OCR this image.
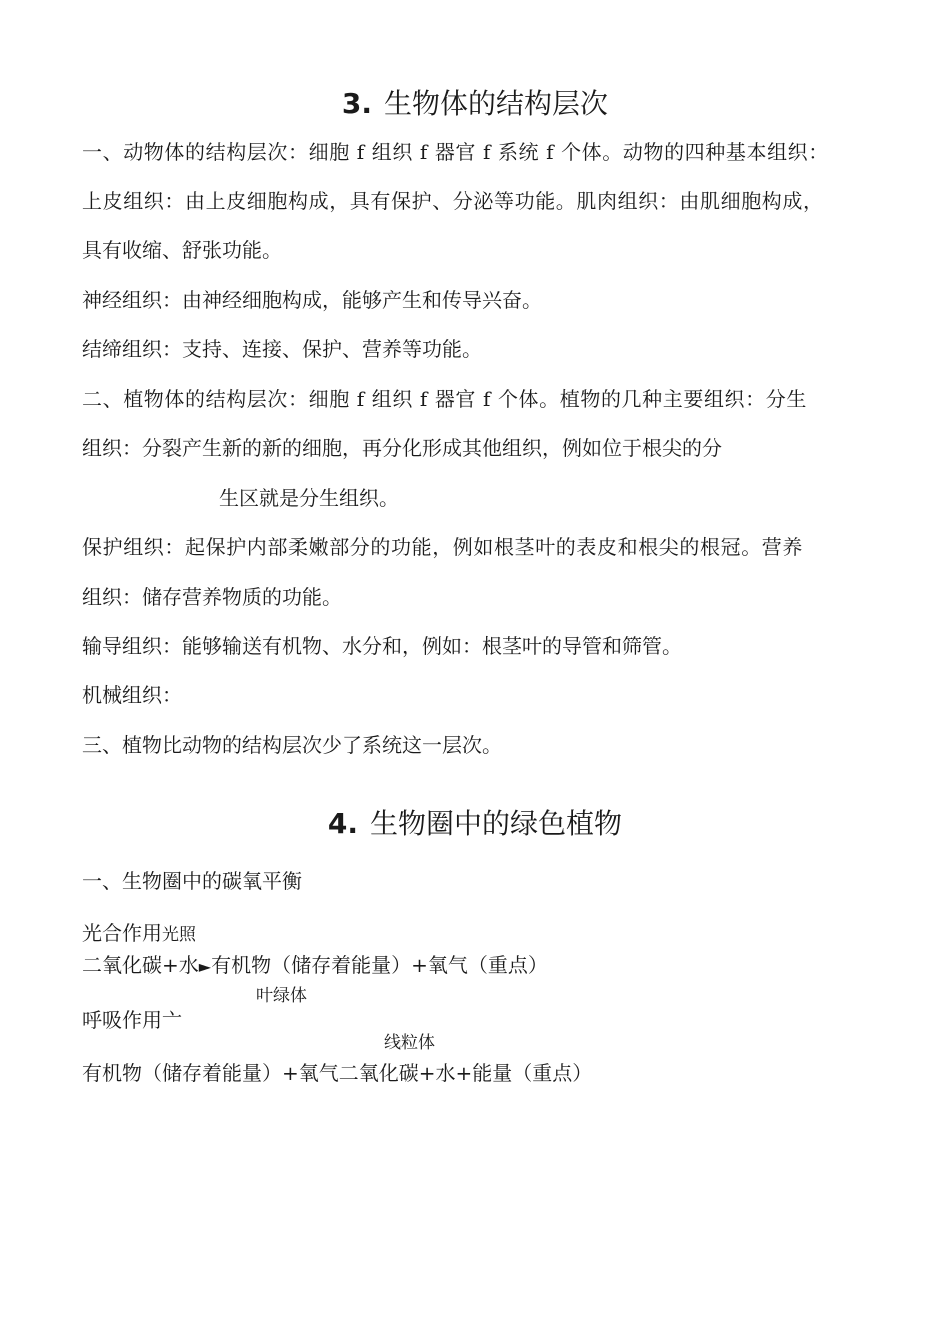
3. 生物体的结构层次
一、动物体的结构层次：细胞 f 组织 f 器官 f 系统 f 个体。动物的四种基本组织：
上皮组织：由上皮细胞构成，具有保护、分泌等功能。肌肉组织：由肌细胞构成，
具有收缩、舒张功能。
神经组织：由神经细胞构成，能够产生和传导兴奋。
结缔组织：支持、连接、保护、营养等功能。
二、植物体的结构层次：细胞 f 组织 f 器官 f 个体。植物的几种主要组织：分生
组织：分裂产生新的新的细胞，再分化形成其他组织，例如位于根尖的分
生区就是分生组织。
保护组织：起保护内部柔嫩部分的功能，例如根茎叶的表皮和根尖的根冠。营养
组织：储存营养物质的功能。
输导组织：能够输送有机物、水分和，例如：根茎叶的导管和筛管。
机械组织：
三、植物比动物的结构层次少了系统这一层次。
4. 生物圈中的绿色植物
一、生物圈中的碳氧平衡
光合作用光照
二氧化碳+水►有机物（储存着能量）+氧气（重点）
叶绿体
呼吸作用亠
线粒体
有机物（储存着能量）+氧气二氧化碳+水+能量（重点）
